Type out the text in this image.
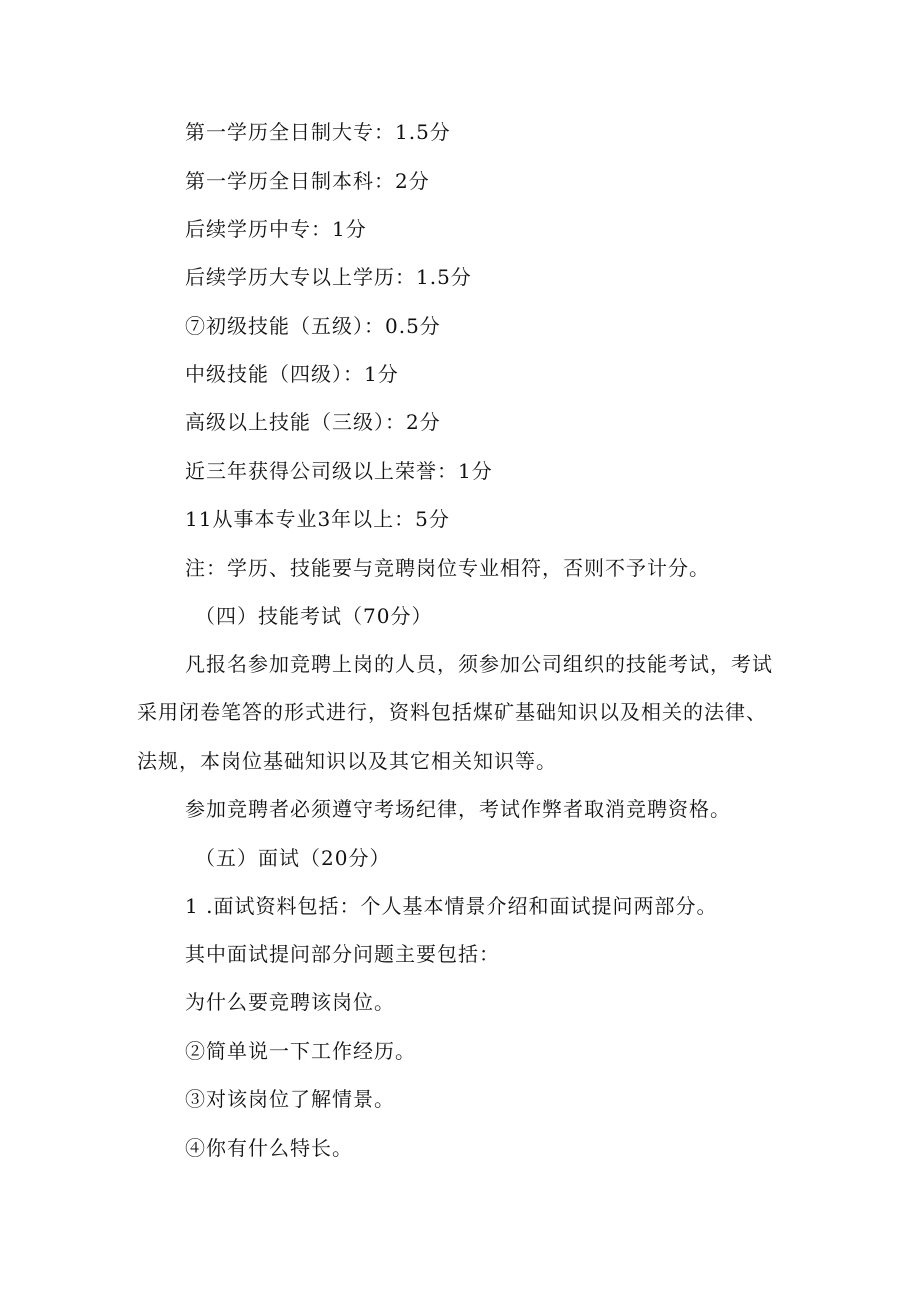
第一学历全日制大专：1.5分
第一学历全日制本科：2分
后续学历中专：1分
后续学历大专以上学历：1.5分
⑦初级技能（五级）：0.5分
中级技能（四级）：1分
高级以上技能（三级）：2分
近三年获得公司级以上荣誉：1分
11从事本专业3年以上：5分
注：学历、技能要与竞聘岗位专业相符，否则不予计分。
（四）技能考试（70分）
凡报名参加竞聘上岗的人员，须参加公司组织的技能考试，考试
采用闭卷笔答的形式进行，资料包括煤矿基础知识以及相关的法律、
法规，本岗位基础知识以及其它相关知识等。
参加竞聘者必须遵守考场纪律，考试作弊者取消竞聘资格。
（五）面试（20分）
1 .面试资料包括：个人基本情景介绍和面试提问两部分。
其中面试提问部分问题主要包括：
为什么要竞聘该岗位。
②简单说一下工作经历。
③对该岗位了解情景。
④你有什么特长。
